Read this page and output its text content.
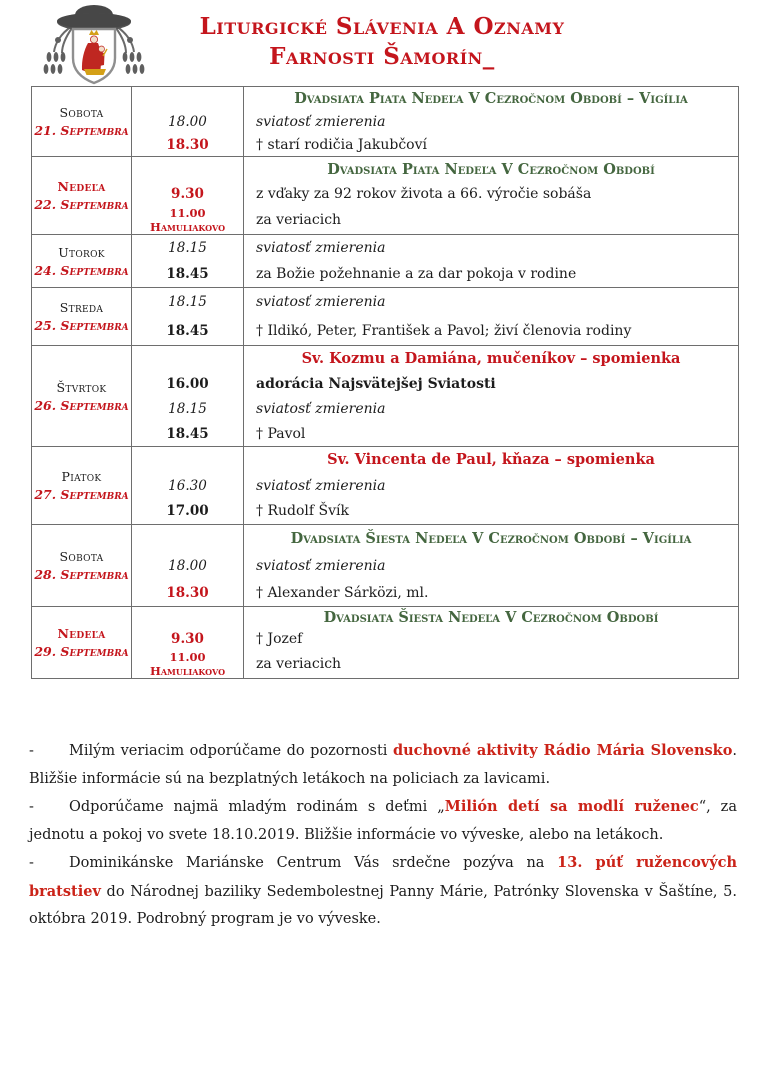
Liturgické Slávenia A Oznamy
Farnosti Šamorín_
Sobota
21. Septembra
Dvadsiata Piata Nedeľa V Cezročnom Období – Vigília
18.00	sviatosť zmierenia
18.30	† starí rodičia Jakubčoví
Nedeľa
22. Septembra
Dvadsiata Piata Nedeľa V Cezročnom Období
9.30	z vďaky za 92 rokov života a 66. výročie sobáša
11.00 Hamuliakovo	za veriacich
Utorok
24. Septembra
18.15	sviatosť zmierenia
18.45	za Božie požehnanie a za dar pokoja v rodine
Streda
25. Septembra
18.15	sviatosť zmierenia
18.45	† Ildikó, Peter, František a Pavol; živí členovia rodiny
Štvrtok
26. Septembra
Sv. Kozmu a Damiána, mučeníkov – spomienka
16.00	adorácia Najsvätejšej Sviatosti
18.15	sviatosť zmierenia
18.45	† Pavol
Piatok
27. Septembra
Sv. Vincenta de Paul, kňaza – spomienka
16.30	sviatosť zmierenia
17.00	† Rudolf Švík
Sobota
28. Septembra
Dvadsiata Šiesta Nedeľa V Cezročnom Období – Vigília
18.00	sviatosť zmierenia
18.30	† Alexander Sárközi, ml.
Nedeľa
29. Septembra
Dvadsiata Šiesta Nedeľa V Cezročnom Období
9.30	† Jozef
11.00 Hamuliakovo	za veriacich
- Milým veriacim odporúčame do pozornosti duchovné aktivity Rádio Mária Slovensko. Bližšie informácie sú na bezplatných letákoch na policiach za lavicami.
- Odporúčame najmä mladým rodinám s deťmi „Milión detí sa modlí ruženec“, za jednotu a pokoj vo svete 18.10.2019. Bližšie informácie vo výveske, alebo na letákoch.
- Dominikánske Mariánske Centrum Vás srdečne pozýva na 13. púť ružencových bratstiev do Národnej baziliky Sedembolestnej Panny Márie, Patrónky Slovenska v Šaštíne, 5. októbra 2019. Podrobný program je vo výveske.
